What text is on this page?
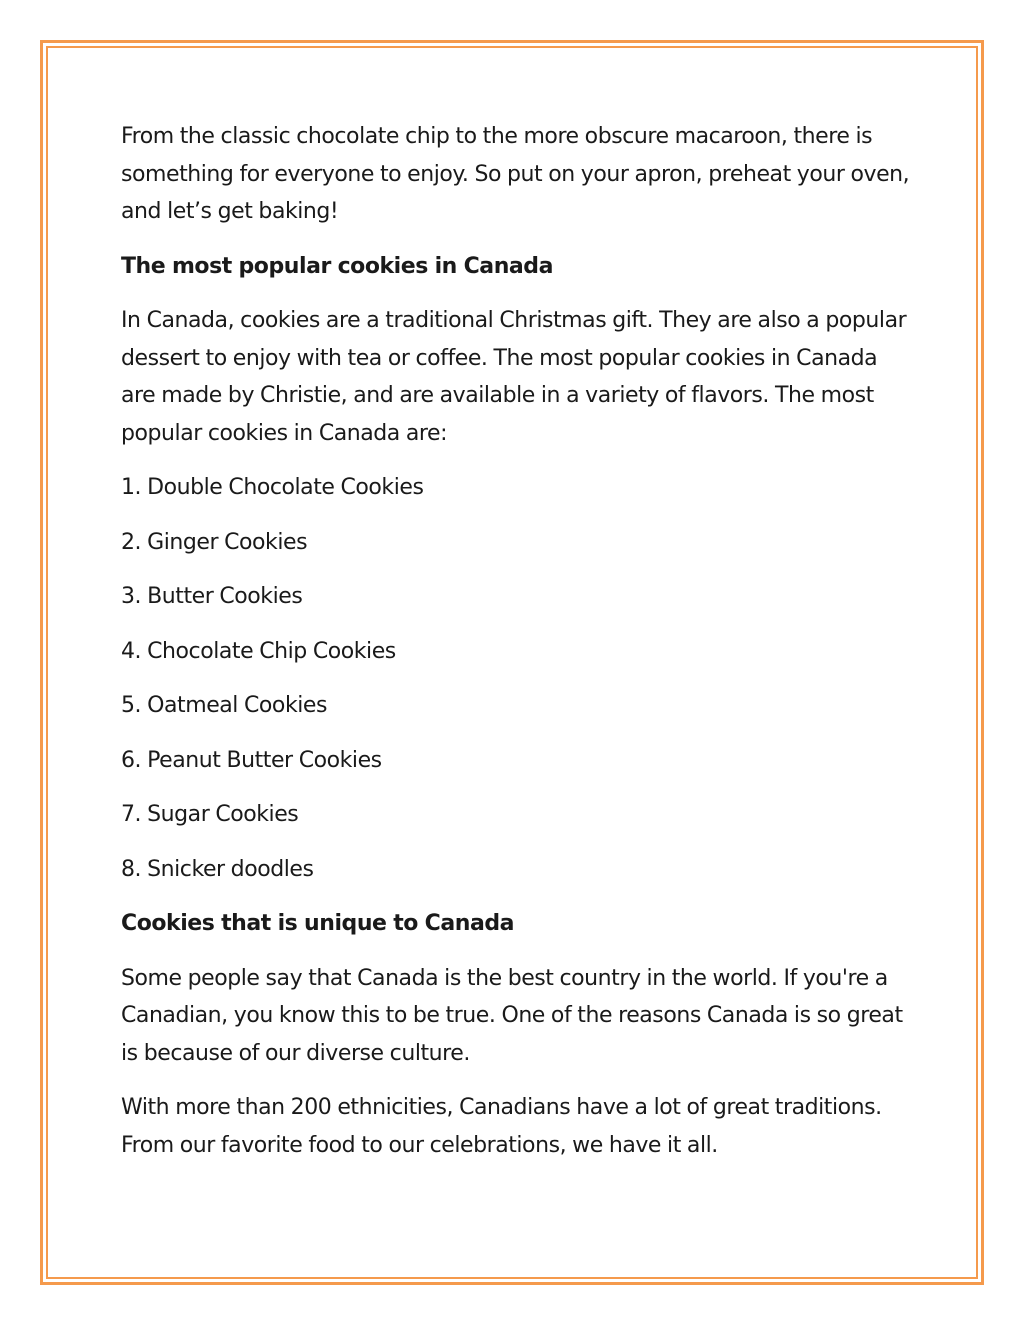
From the classic chocolate chip to the more obscure macaroon, there is something for everyone to enjoy. So put on your apron, preheat your oven, and let’s get baking!

The most popular cookies in Canada

In Canada, cookies are a traditional Christmas gift. They are also a popular dessert to enjoy with tea or coffee. The most popular cookies in Canada are made by Christie, and are available in a variety of flavors. The most popular cookies in Canada are:

1. Double Chocolate Cookies

2. Ginger Cookies

3. Butter Cookies

4. Chocolate Chip Cookies

5. Oatmeal Cookies

6. Peanut Butter Cookies

7. Sugar Cookies

8. Snicker doodles

Cookies that is unique to Canada

Some people say that Canada is the best country in the world. If you're a Canadian, you know this to be true. One of the reasons Canada is so great is because of our diverse culture.

With more than 200 ethnicities, Canadians have a lot of great traditions. From our favorite food to our celebrations, we have it all.
